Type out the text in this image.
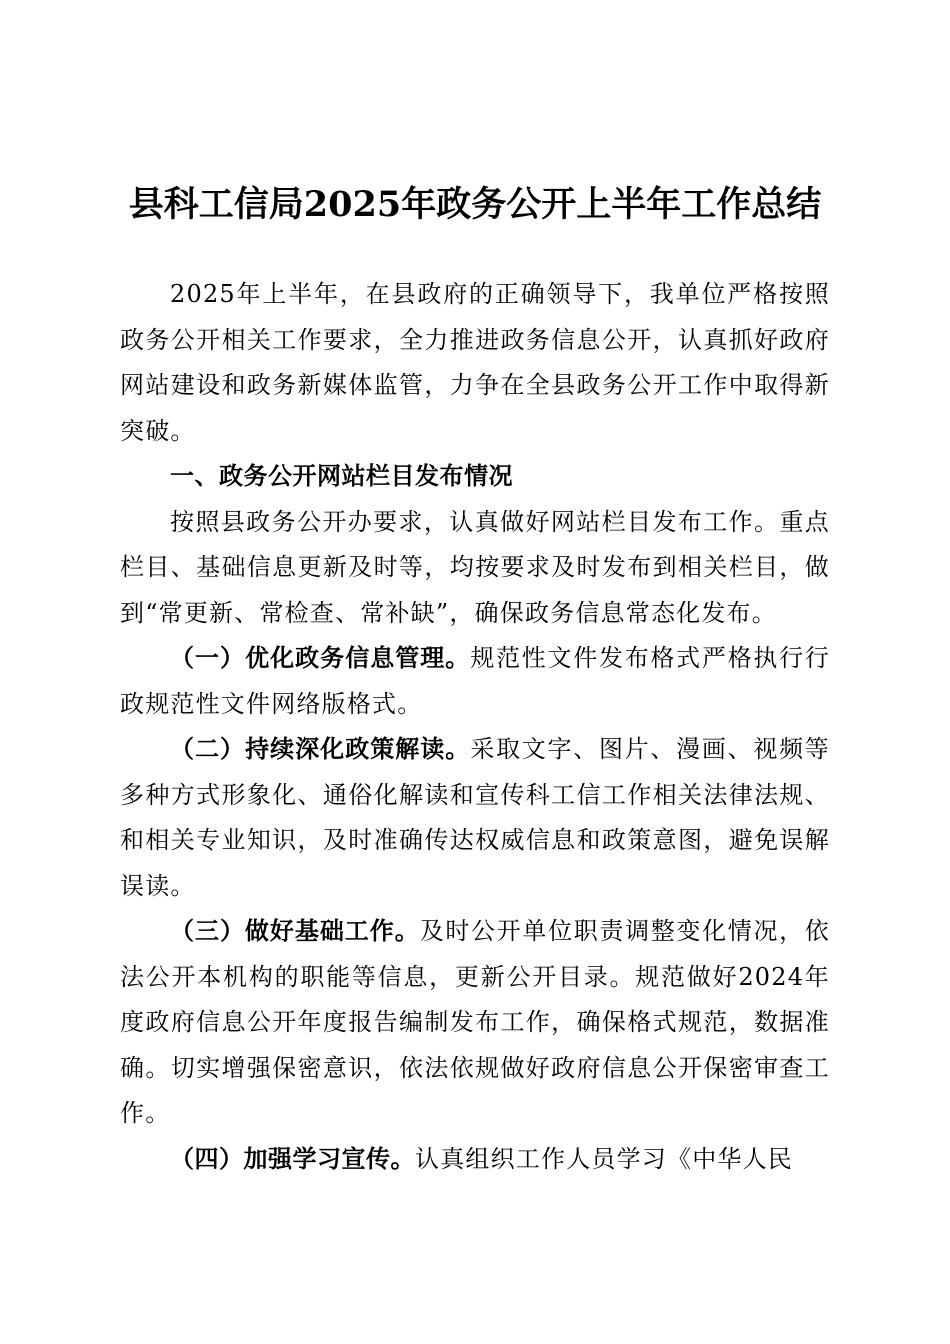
县科工信局2025年政务公开上半年工作总结

2025年上半年，在县政府的正确领导下，我单位严格按照政务公开相关工作要求，全力推进政务信息公开，认真抓好政府网站建设和政务新媒体监管，力争在全县政务公开工作中取得新突破。

一、政务公开网站栏目发布情况

按照县政务公开办要求，认真做好网站栏目发布工作。重点栏目、基础信息更新及时等，均按要求及时发布到相关栏目，做到“常更新、常检查、常补缺”，确保政务信息常态化发布。

（一）优化政务信息管理。规范性文件发布格式严格执行行政规范性文件网络版格式。

（二）持续深化政策解读。采取文字、图片、漫画、视频等多种方式形象化、通俗化解读和宣传科工信工作相关法律法规、和相关专业知识，及时准确传达权威信息和政策意图，避免误解误读。

（三）做好基础工作。及时公开单位职责调整变化情况，依法公开本机构的职能等信息，更新公开目录。规范做好2024年度政府信息公开年度报告编制发布工作，确保格式规范，数据准确。切实增强保密意识，依法依规做好政府信息公开保密审查工作。

（四）加强学习宣传。认真组织工作人员学习《中华人民
